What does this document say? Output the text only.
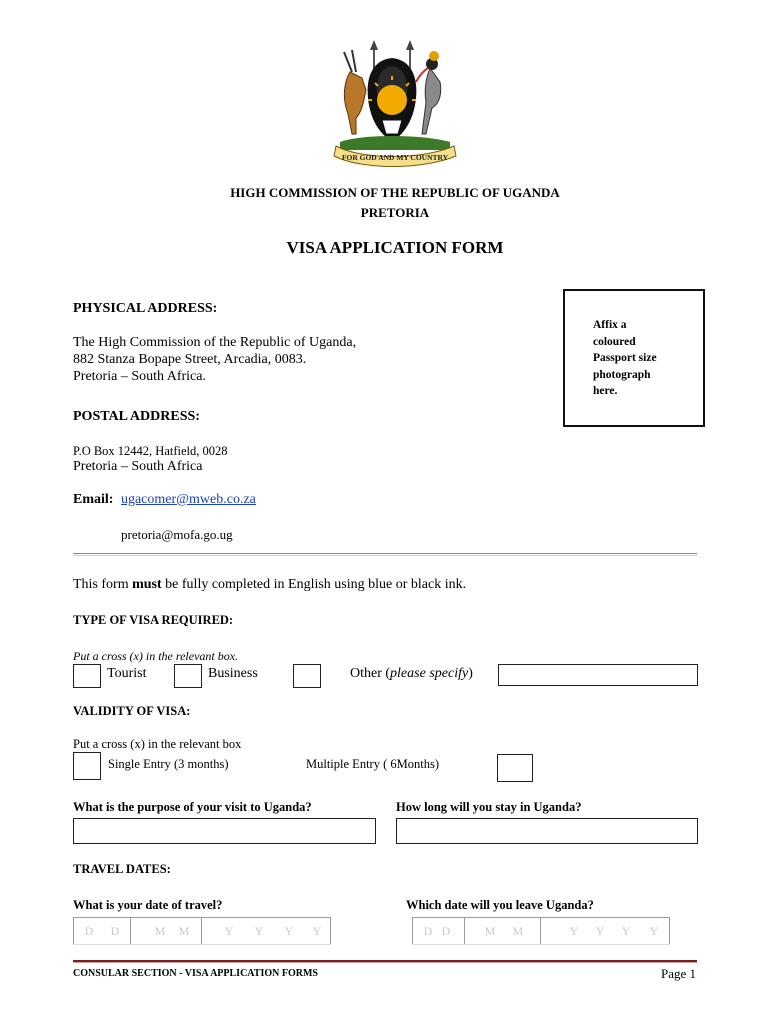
FOR GOD AND MY COUNTRY
HIGH COMMISSION OF THE REPUBLIC OF UGANDA
PRETORIA
VISA APPLICATION FORM
Affix a
coloured
Passport size
photograph
here.
PHYSICAL ADDRESS:
The High Commission of the Republic of Uganda,
882 Stanza Bopape Street, Arcadia, 0083.
Pretoria – South Africa.
POSTAL ADDRESS:
P.O Box 12442, Hatfield, 0028
Pretoria – South Africa
Email: ugacomer@mweb.co.za
pretoria@mofa.go.ug
This form must be fully completed in English using blue or black ink.
TYPE OF VISA REQUIRED:
Put a cross (x) in the relevant box.
Tourist	Business	Other (please specify)
VALIDITY OF VISA:
Put a cross (x) in the relevant box
Single Entry (3 months)	Multiple Entry ( 6Months)
What is the purpose of your visit to Uganda?	How long will you stay in Uganda?
TRAVEL DATES:
What is your date of travel?	Which date will you leave Uganda?
D	D	M	M	Y	Y	Y	Y	D D	M	M	Y	Y	Y	Y
CONSULAR SECTION - VISA APPLICATION FORMS	Page 1
